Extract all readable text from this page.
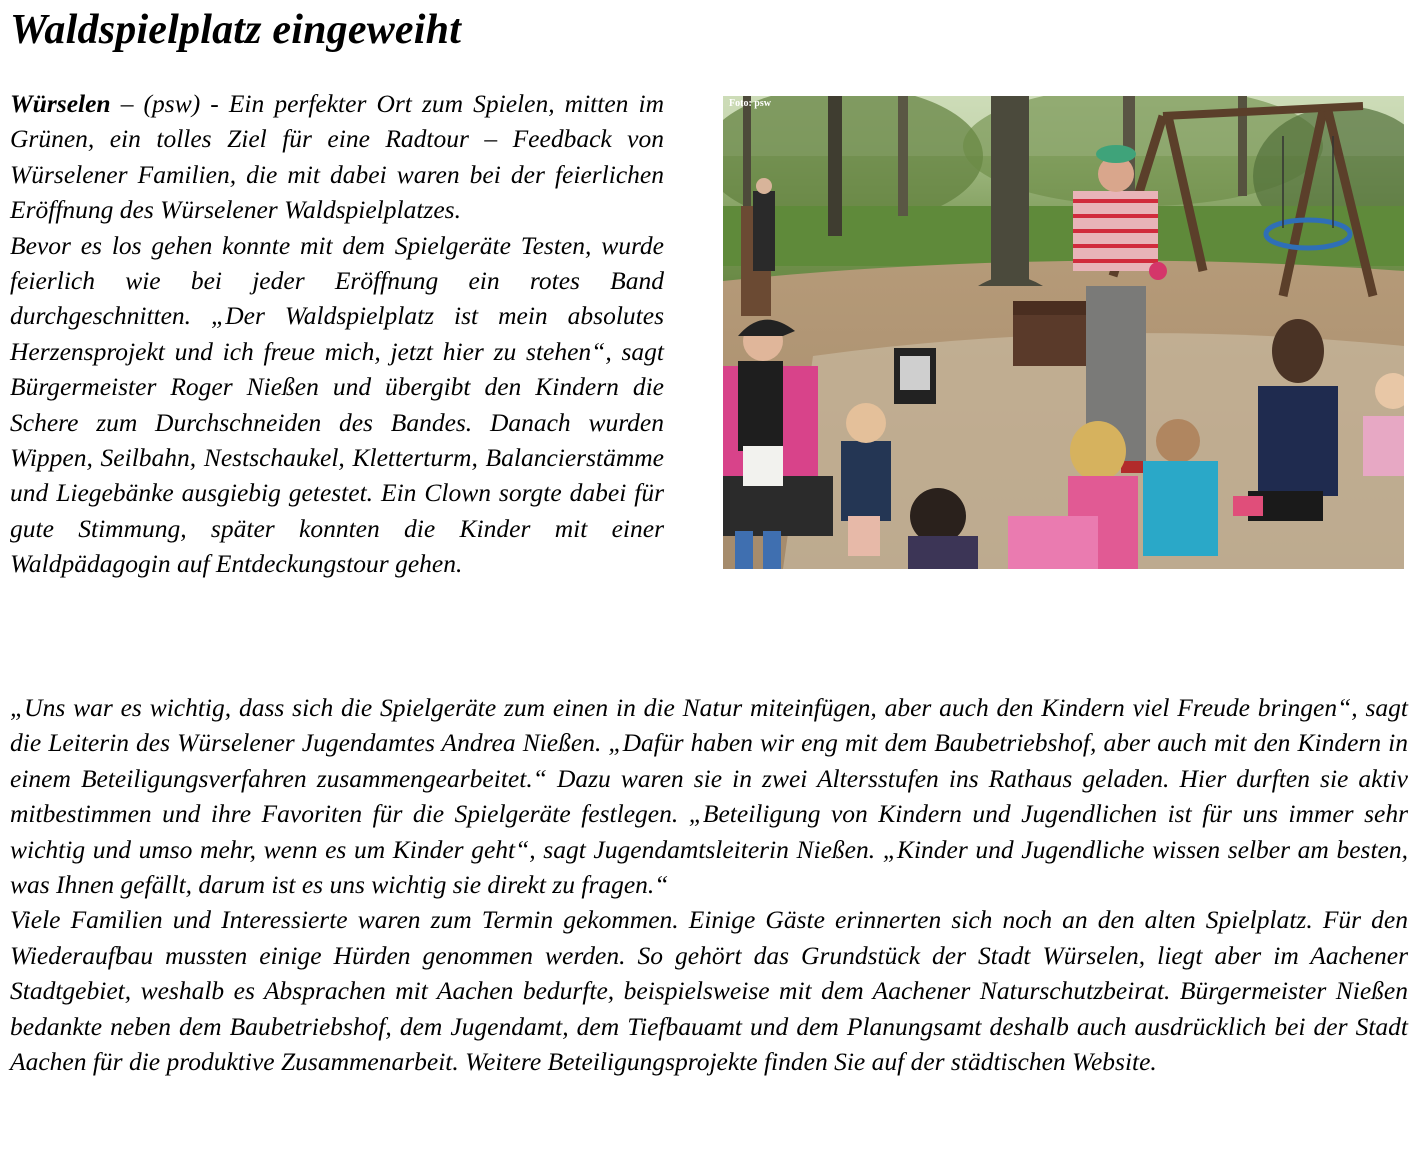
Waldspielplatz eingeweiht

Würselen – (psw) - Ein perfekter Ort zum Spielen, mitten im Grünen, ein tolles Ziel für eine Radtour – Feedback von Würselener Familien, die mit dabei waren bei der feierlichen Eröffnung des Würselener Waldspielplatzes.

Bevor es los gehen konnte mit dem Spielgeräte Testen, wurde feierlich wie bei jeder Eröffnung ein rotes Band durchgeschnitten. „Der Waldspielplatz ist mein absolutes Herzensprojekt und ich freue mich, jetzt hier zu stehen“, sagt Bürgermeister Roger Nießen und übergibt den Kindern die Schere zum Durchschneiden des Bandes. Danach wurden Wippen, Seilbahn, Nestschaukel, Kletterturm, Balancierstämme und Liegebänke ausgiebig getestet. Ein Clown sorgte dabei für gute Stimmung, später konnten die Kinder mit einer Waldpädagogin auf Entdeckungstour gehen.

Foto: psw

„Uns war es wichtig, dass sich die Spielgeräte zum einen in die Natur miteinfügen, aber auch den Kindern viel Freude bringen“, sagt die Leiterin des Würselener Jugendamtes Andrea Nießen. „Dafür haben wir eng mit dem Baubetriebshof, aber auch mit den Kindern in einem Beteiligungsverfahren zusammengearbeitet.“ Dazu waren sie in zwei Altersstufen ins Rathaus geladen. Hier durften sie aktiv mitbestimmen und ihre Favoriten für die Spielgeräte festlegen. „Beteiligung von Kindern und Jugendlichen ist für uns immer sehr wichtig und umso mehr, wenn es um Kinder geht“, sagt Jugendamtsleiterin Nießen. „Kinder und Jugendliche wissen selber am besten, was Ihnen gefällt, darum ist es uns wichtig sie direkt zu fragen.“

Viele Familien und Interessierte waren zum Termin gekommen. Einige Gäste erinnerten sich noch an den alten Spielplatz. Für den Wiederaufbau mussten einige Hürden genommen werden. So gehört das Grundstück der Stadt Würselen, liegt aber im Aachener Stadtgebiet, weshalb es Absprachen mit Aachen bedurfte, beispielsweise mit dem Aachener Naturschutzbeirat. Bürgermeister Nießen bedankte neben dem Baubetriebshof, dem Jugendamt, dem Tiefbauamt und dem Planungsamt deshalb auch ausdrücklich bei der Stadt Aachen für die produktive Zusammenarbeit. Weitere Beteiligungsprojekte finden Sie auf der städtischen Website.
